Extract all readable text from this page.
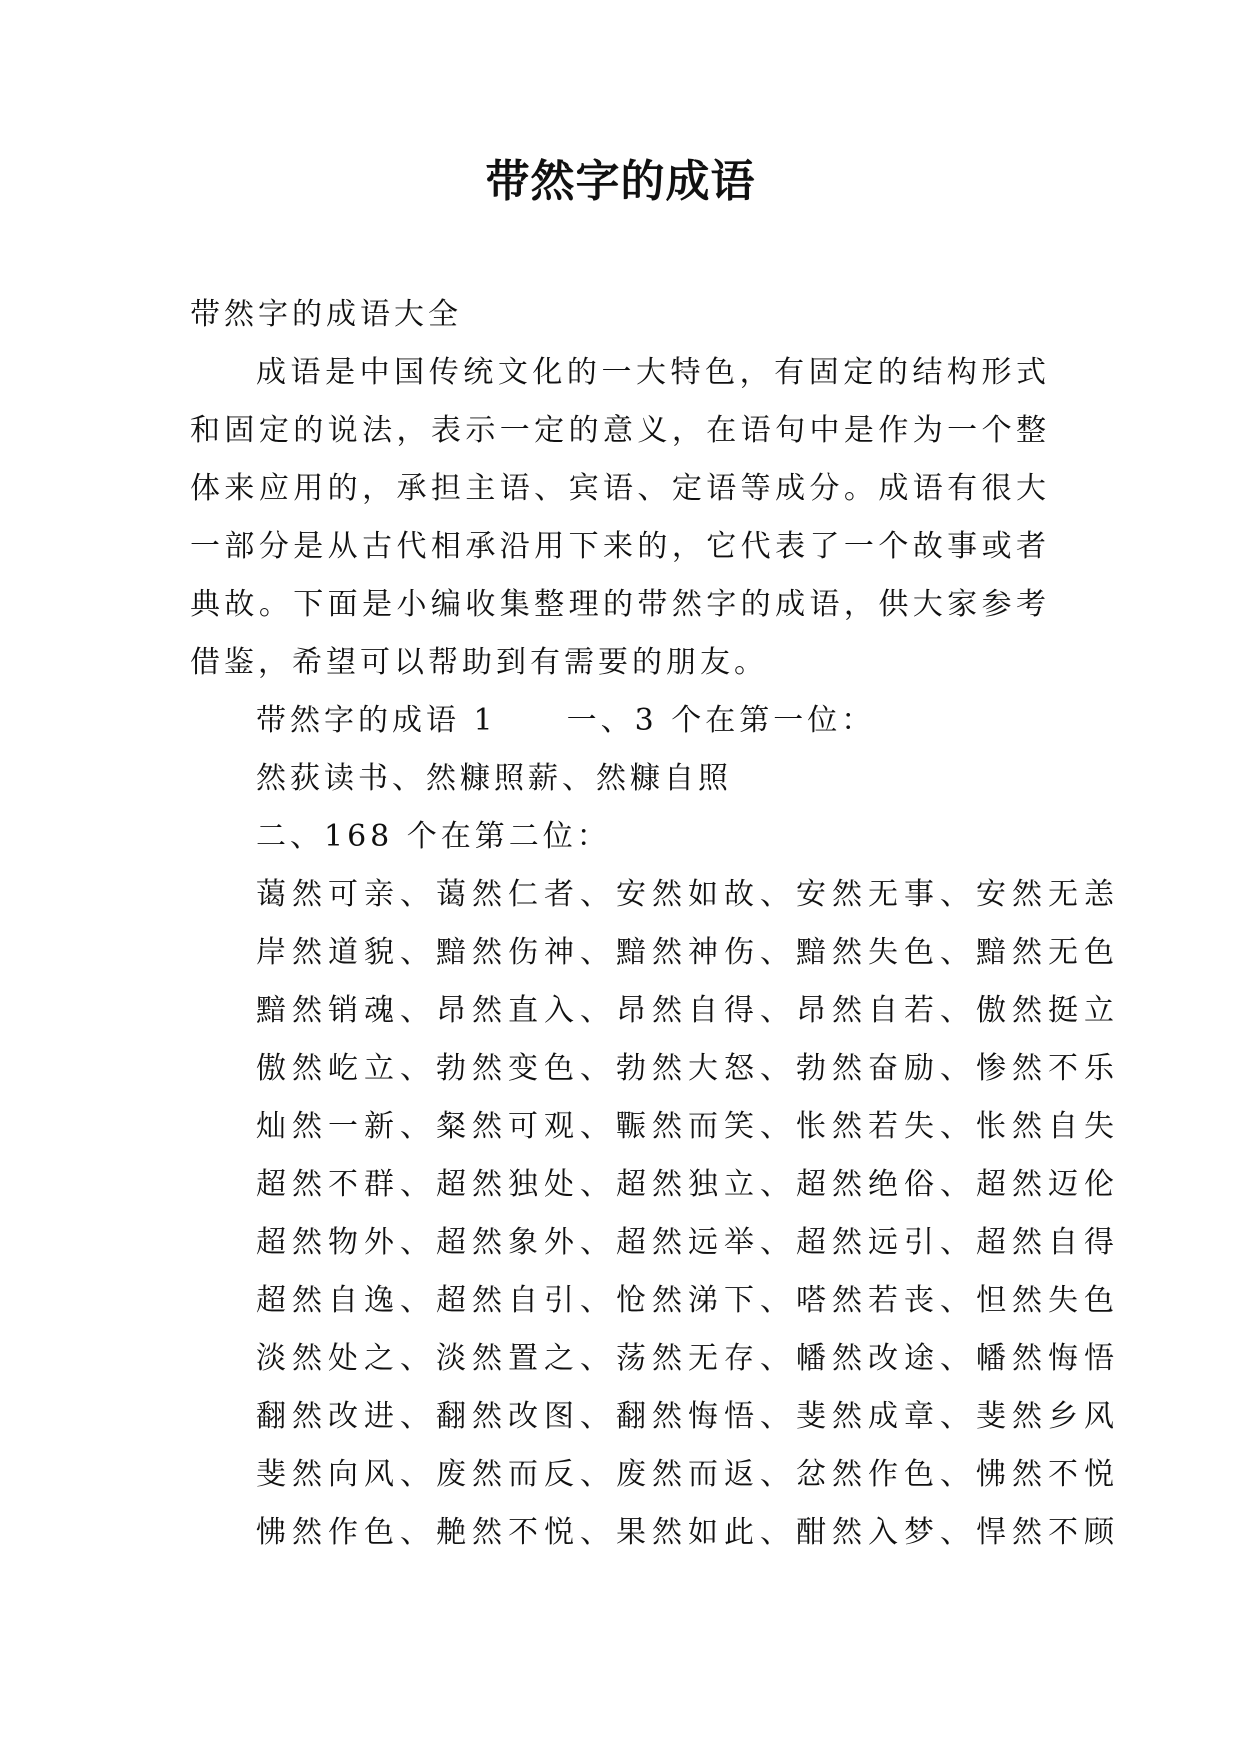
带然字的成语

带然字的成语大全

成语是中国传统文化的一大特色，有固定的结构形式和固定的说法，表示一定的意义，在语句中是作为一个整体来应用的，承担主语、宾语、定语等成分。成语有很大一部分是从古代相承沿用下来的，它代表了一个故事或者典故。下面是小编收集整理的带然字的成语，供大家参考借鉴，希望可以帮助到有需要的朋友。

带然字的成语 1 一、3 个在第一位：

然荻读书、然糠照薪、然糠自照

二、168 个在第二位：

蔼然可亲、蔼然仁者、安然如故、安然无事、安然无恙

岸然道貌、黯然伤神、黯然神伤、黯然失色、黯然无色

黯然销魂、昂然直入、昂然自得、昂然自若、傲然挺立

傲然屹立、勃然变色、勃然大怒、勃然奋励、惨然不乐

灿然一新、粲然可观、辴然而笑、怅然若失、怅然自失

超然不群、超然独处、超然独立、超然绝俗、超然迈伦

超然物外、超然象外、超然远举、超然远引、超然自得

超然自逸、超然自引、怆然涕下、嗒然若丧、怛然失色

淡然处之、淡然置之、荡然无存、幡然改途、幡然悔悟

翻然改进、翻然改图、翻然悔悟、斐然成章、斐然乡风

斐然向风、废然而反、废然而返、忿然作色、怫然不悦

怫然作色、艴然不悦、果然如此、酣然入梦、悍然不顾
